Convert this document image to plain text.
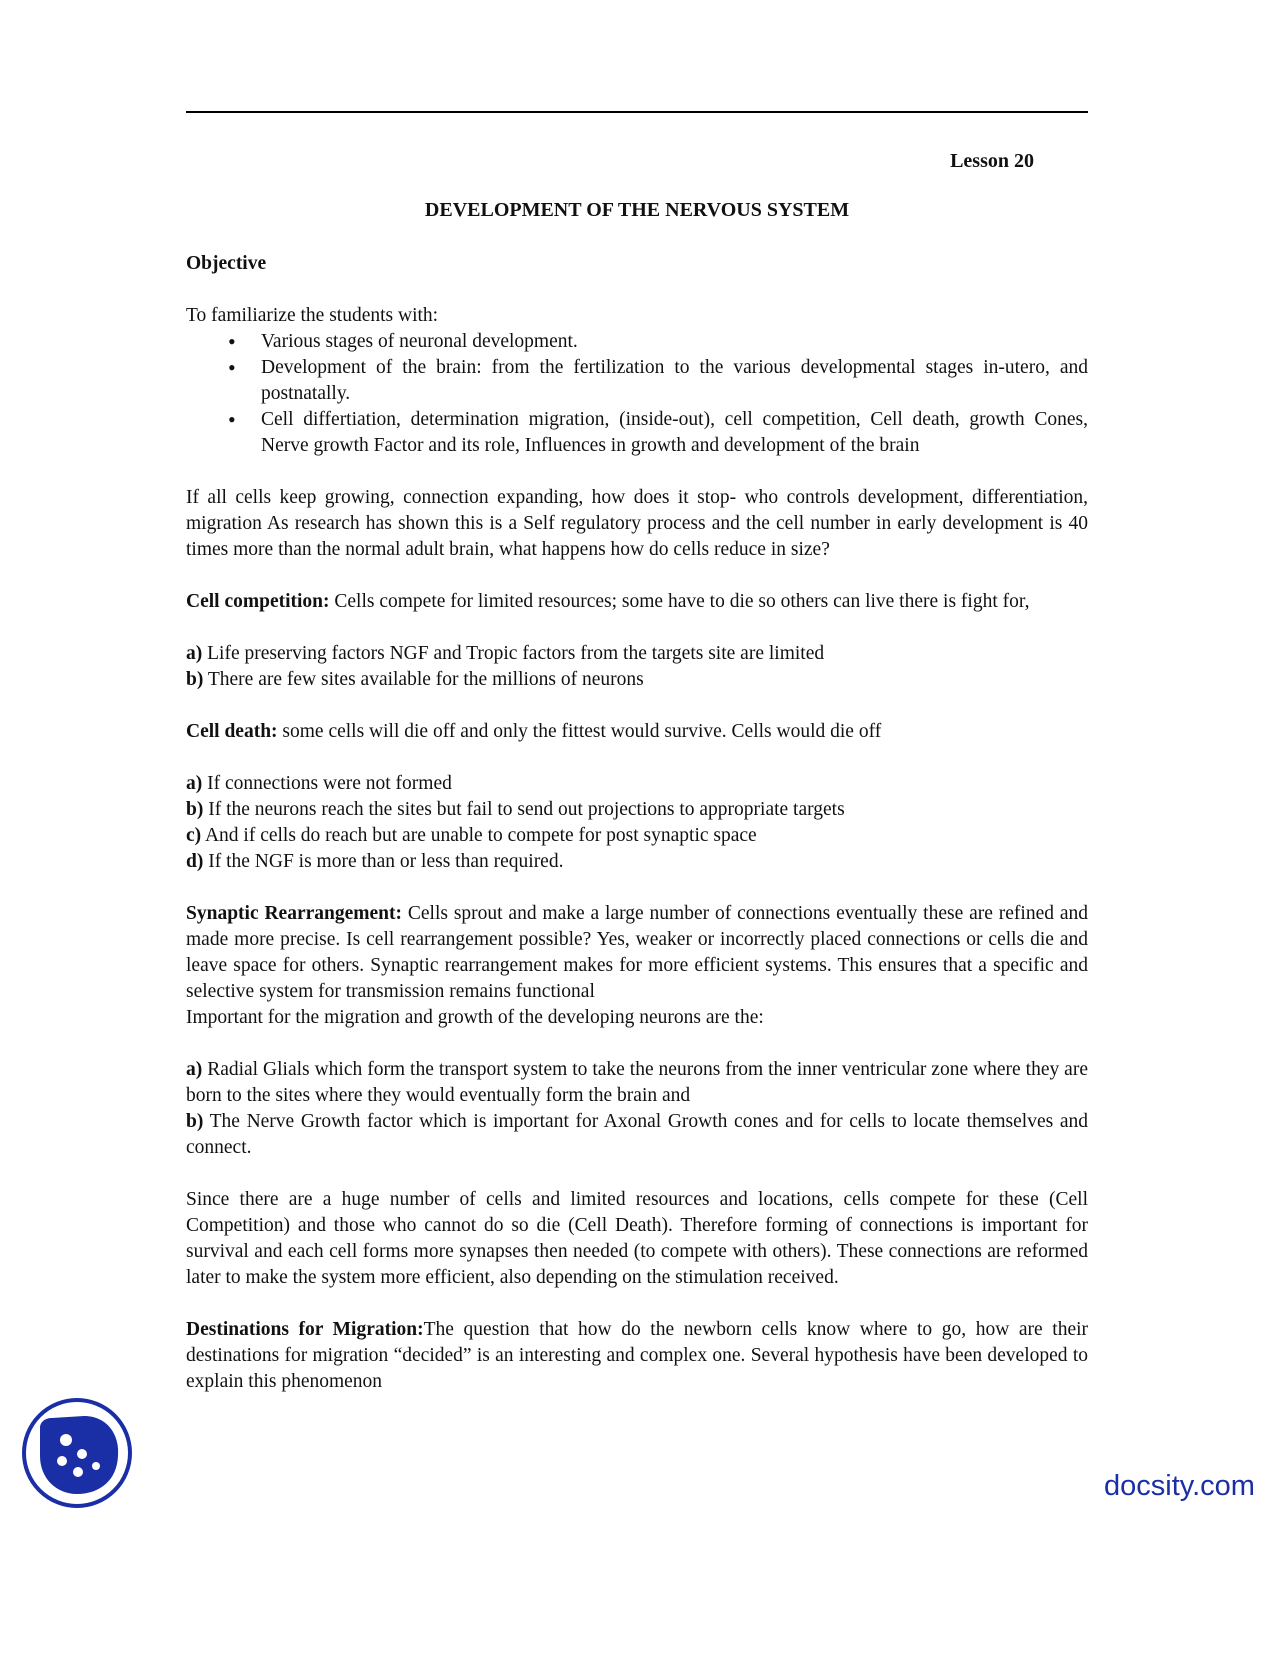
Lesson 20
DEVELOPMENT OF THE NERVOUS SYSTEM

Objective

To familiarize the students with:

• Various stages of neuronal development.
• Development of the brain: from the fertilization to the various developmental stages in-utero, and postnatally.
• Cell differtiation, determination migration, (inside-out), cell competition, Cell death, growth Cones, Nerve growth Factor and its role, Influences in growth and development of the brain

If all cells keep growing, connection expanding, how does it stop- who controls development, differentiation, migration As research has shown this is a Self regulatory process and the cell number in early development is 40 times more than the normal adult brain, what happens how do cells reduce in size?

Cell competition: Cells compete for limited resources; some have to die so others can live there is fight for,

a) Life preserving factors NGF and Tropic factors from the targets site are limited

b) There are few sites available for the millions of neurons

Cell death: some cells will die off and only the fittest would survive. Cells would die off

a) If connections were not formed

b) If the neurons reach the sites but fail to send out projections to appropriate targets

c) And if cells do reach but are unable to compete for post synaptic space

d) If the NGF is more than or less than required.

Synaptic Rearrangement: Cells sprout and make a large number of connections eventually these are refined and made more precise. Is cell rearrangement possible? Yes, weaker or incorrectly placed connections or cells die and leave space for others. Synaptic rearrangement makes for more efficient systems. This ensures that a specific and selective system for transmission remains functional

Important for the migration and growth of the developing neurons are the:

a) Radial Glials which form the transport system to take the neurons from the inner ventricular zone where they are born to the sites where they would eventually form the brain and

b) The Nerve Growth factor which is important for Axonal Growth cones and for cells to locate themselves and connect.

Since there are a huge number of cells and limited resources and locations, cells compete for these (Cell Competition) and those who cannot do so die (Cell Death). Therefore forming of connections is important for survival and each cell forms more synapses then needed (to compete with others). These connections are reformed later to make the system more efficient, also depending on the stimulation received.

Destinations for Migration:The question that how do the newborn cells know where to go, how are their destinations for migration “decided” is an interesting and complex one. Several hypothesis have been developed to explain this phenomenon

docsity.com
